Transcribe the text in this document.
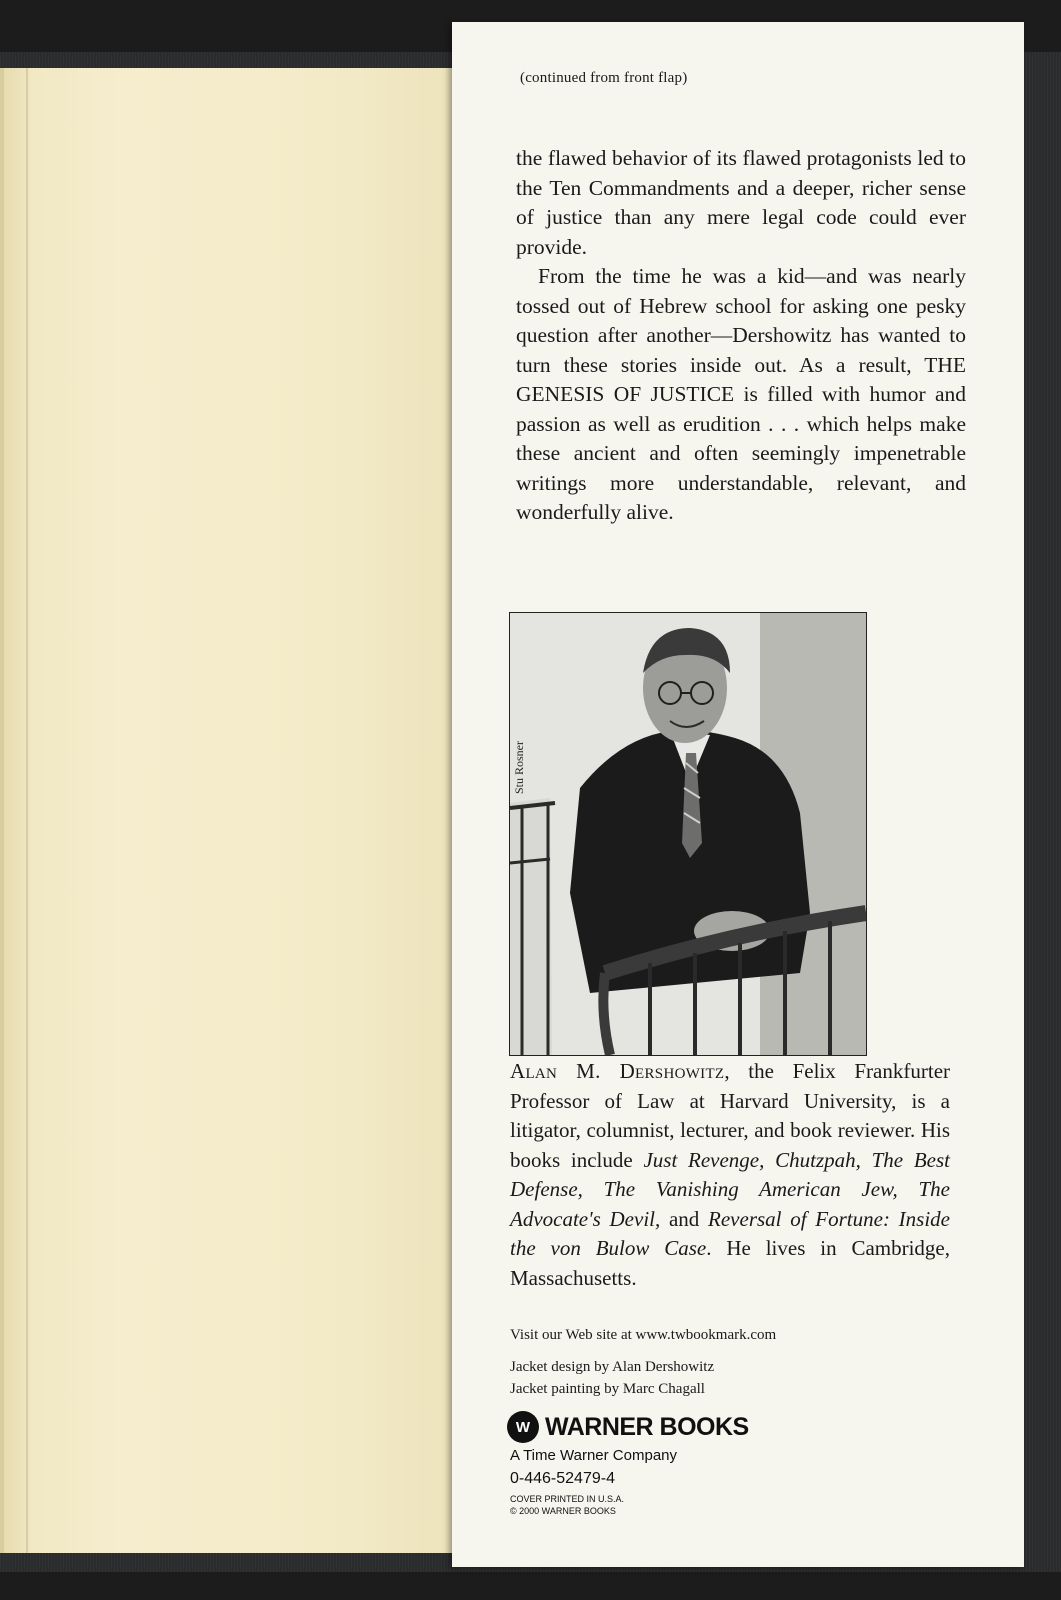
(continued from front flap)

the flawed behavior of its flawed protagonists led to the Ten Commandments and a deeper, richer sense of justice than any mere legal code could ever provide.

From the time he was a kid—and was nearly tossed out of Hebrew school for asking one pesky question after another—Dershowitz has wanted to turn these stories inside out. As a result, THE GENESIS OF JUSTICE is filled with humor and passion as well as erudition . . . which helps make these ancient and often seemingly impenetrable writings more understandable, relevant, and wonderfully alive.

Stu Rosner
Alan M. Dershowitz, the Felix Frankfurter Professor of Law at Harvard University, is a litigator, columnist, lecturer, and book reviewer. His books include Just Revenge, Chutzpah, The Best Defense, The Vanishing American Jew, The Advocate's Devil, and Reversal of Fortune: Inside the von Bulow Case. He lives in Cambridge, Massachusetts.
Visit our Web site at www.twbookmark.com
Jacket design by Alan Dershowitz
Jacket painting by Marc Chagall
W WARNER BOOKS
A Time Warner Company
0-446-52479-4
COVER PRINTED IN U.S.A.
© 2000 WARNER BOOKS
